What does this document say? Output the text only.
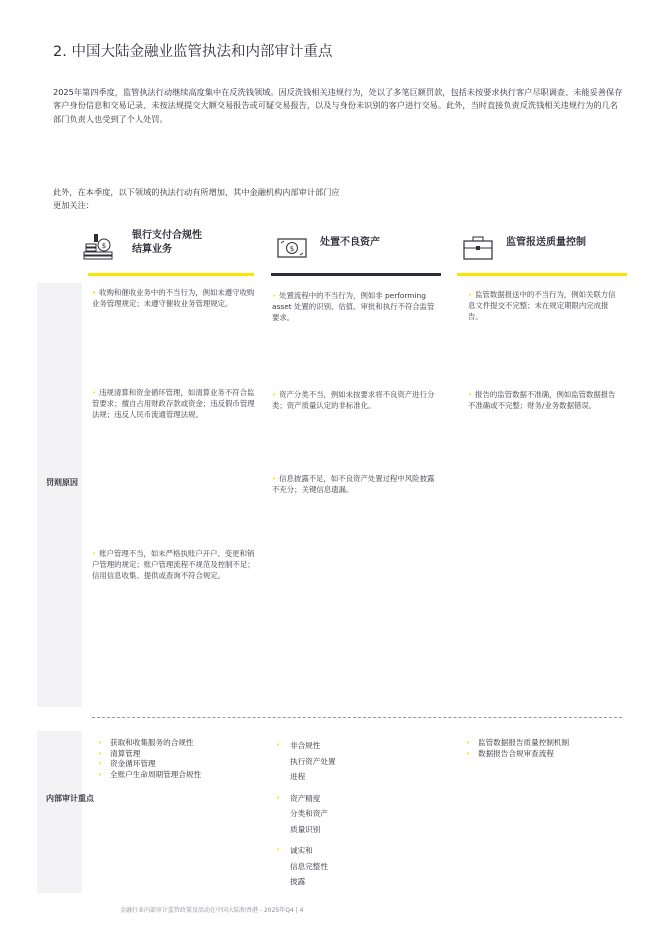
2. 中国大陆金融业监管执法和内部审计重点
2025年第四季度，监管执法行动继续高度集中在反洗钱领域。因反洗钱相关违规行为，处以了多笔巨额罚款，包括未按要求执行客户尽职调查、未能妥善保存客户身份信息和交易记录、未按法规提交大额交易报告或可疑交易报告，以及与身份未识别的客户进行交易。此外，当时直接负责反洗钱相关违规行为的几名部门负责人也受到了个人处罚。
此外，在本季度，以下领域的执法行动有所增加，其中金融机构内部审计部门应更加关注：
$
银行支付合规性
结算业务	$
处置不良资产	监管报送质量控制
罚则原因
内部审计重点
• 收购和催收业务中的不当行为，例如未遵守收购业务管理规定；未遵守催收业务管理规定。
• 违规清算和资金循环管理，如清算业务不符合监管要求；擅自占用财政存款或资金；违反假币管理法规；违反人民币流通管理法规。
• 账户管理不当，如未严格执账户开户、变更和销户管理的规定；账户管理流程不规范及控制不足；信用信息收集、提供或查询不符合规定。
• 处置流程中的不当行为，例如非 performing asset 处置的识别、估值、审批和执行不符合监管要求。
• 资产分类不当，例如未按要求将不良资产进行分类；资产质量认定的非标准化。
• 信息披露不足，如不良资产处置过程中风险披露不充分；关键信息遗漏。
• 监管数据报送中的不当行为，例如关联方信息文件提交不完整；未在规定期限内完成报告。
• 报告的监管数据不准确，例如监管数据报告不准确或不完整；财务/业务数据错误。
• 获取和收集服务的合规性
• 清算管理
• 资金循环管理
• 全账户生命周期管理合规性
• 非合规性
执行资产处置
进程
• 资产精度
分类和资产
质量识别
• 诚实和
信息完整性
披露
• 监管数据报告质量控制机制
• 数据报告合规审查流程
金融行业内部审计监管政策及活动在中国大陆和香港 - 2025年Q4 | 4
